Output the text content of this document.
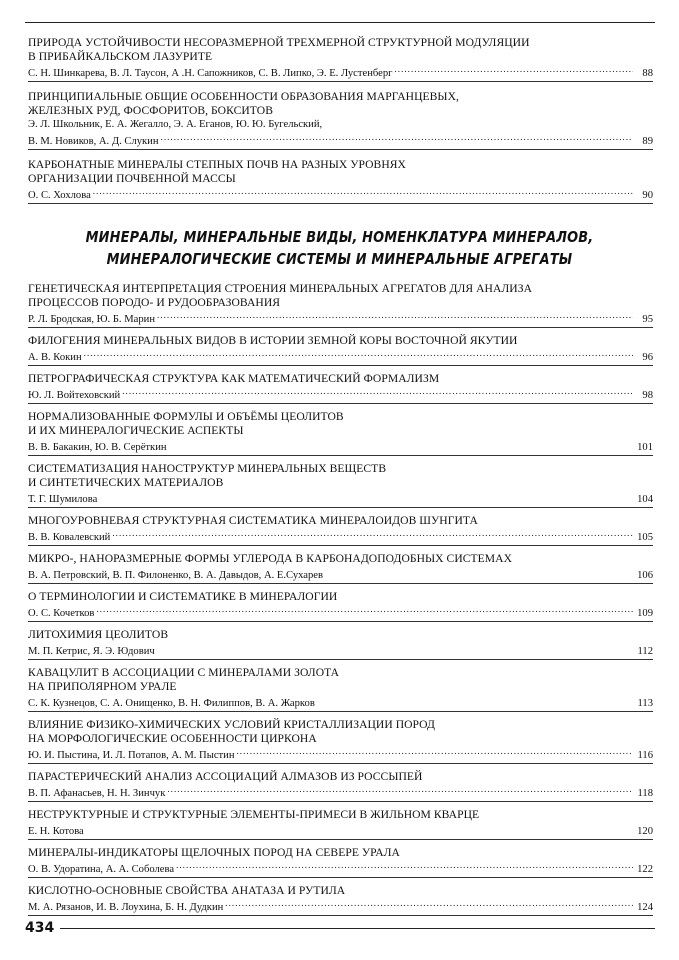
ПРИРОДА УСТОЙЧИВОСТИ НЕСОРАЗМЕРНОЙ ТРЕХМЕРНОЙ СТРУКТУРНОЙ МОДУЛЯЦИИ
В ПРИБАЙКАЛЬСКОМ ЛАЗУРИТЕ
С. Н. Шинкарева, В. Л. Таусон, А .Н. Сапожников, С. В. Липко, Э. Е. Лустенберг . . .	88
ПРИНЦИПИАЛЬНЫЕ ОБЩИЕ ОСОБЕННОСТИ ОБРАЗОВАНИЯ МАРГАНЦЕВЫХ,
ЖЕЛЕЗНЫХ РУД, ФОСФОРИТОВ, БОКСИТОВ
Э. Л. Школьник, Е. А. Жегалло, Э. А. Еганов, Ю. Ю. Бугельский,
В. М. Новиков, А. Д. Слукин . . .	89
КАРБОНАТНЫЕ МИНЕРАЛЫ СТЕПНЫХ ПОЧВ НА РАЗНЫХ УРОВНЯХ
ОРГАНИЗАЦИИ ПОЧВЕННОЙ МАССЫ
О. С. Хохлова . . .	90
МИНЕРАЛЫ, МИНЕРАЛЬНЫЕ ВИДЫ, НОМЕНКЛАТУРА МИНЕРАЛОВ,
МИНЕРАЛОГИЧЕСКИЕ СИСТЕМЫ И МИНЕРАЛЬНЫЕ АГРЕГАТЫ
ГЕНЕТИЧЕСКАЯ ИНТЕРПРЕТАЦИЯ СТРОЕНИЯ МИНЕРАЛЬНЫХ АГРЕГАТОВ ДЛЯ АНАЛИЗА
ПРОЦЕССОВ ПОРОДО- И РУДООБРАЗОВАНИЯ
Р. Л. Бродская, Ю. Б. Марин . . .	95
ФИЛОГЕНИЯ МИНЕРАЛЬНЫХ ВИДОВ В ИСТОРИИ ЗЕМНОЙ КОРЫ ВОСТОЧНОЙ ЯКУТИИ
А. В. Кокин . . .	96
ПЕТРОГРАФИЧЕСКАЯ СТРУКТУРА КАК МАТЕМАТИЧЕСКИЙ ФОРМАЛИЗМ
Ю. Л. Войтеховский . . .	98
НОРМАЛИЗОВАННЫЕ ФОРМУЛЫ И ОБЪЁМЫ ЦЕОЛИТОВ
И ИХ МИНЕРАЛОГИЧЕСКИЕ АСПЕКТЫ
В. В. Бакакин, Ю. В. Серёткин	101
СИСТЕМАТИЗАЦИЯ НАНОСТРУКТУР МИНЕРАЛЬНЫХ ВЕЩЕСТВ
И СИНТЕТИЧЕСКИХ МАТЕРИАЛОВ
Т. Г. Шумилова	104
МНОГОУРОВНЕВАЯ СТРУКТУРНАЯ СИСТЕМАТИКА МИНЕРАЛОИДОВ ШУНГИТА
В. В. Ковалевский . . .	105
МИКРО-, НАНОРАЗМЕРНЫЕ ФОРМЫ УГЛЕРОДА В КАРБОНАДОПОДОБНЫХ СИСТЕМАХ
В. А. Петровский, В. П. Филоненко, В. А. Давыдов, А. Е.Сухарев	106
О ТЕРМИНОЛОГИИ И СИСТЕМАТИКЕ В МИНЕРАЛОГИИ
О. С. Кочетков . . .	109
ЛИТОХИМИЯ ЦЕОЛИТОВ
М. П. Кетрис, Я. Э. Юдович	112
КАВАЦУЛИТ В АССОЦИАЦИИ С МИНЕРАЛАМИ ЗОЛОТА
НА ПРИПОЛЯРНОМ УРАЛЕ
С. К. Кузнецов, С. А. Онищенко, В. Н. Филиппов, В. А. Жарков	113
ВЛИЯНИЕ ФИЗИКО-ХИМИЧЕСКИХ УСЛОВИЙ КРИСТАЛЛИЗАЦИИ ПОРОД
НА МОРФОЛОГИЧЕСКИЕ ОСОБЕННОСТИ ЦИРКОНА
Ю. И. Пыстина, И. Л. Потапов, А. М. Пыстин . . .	116
ПАРАСТЕРИЧЕСКИЙ АНАЛИЗ АССОЦИАЦИЙ АЛМАЗОВ ИЗ РОССЫПЕЙ
В. П. Афанасьев, Н. Н. Зинчук . . .	118
НЕСТРУКТУРНЫЕ И СТРУКТУРНЫЕ ЭЛЕМЕНТЫ-ПРИМЕСИ В ЖИЛЬНОМ КВАРЦЕ
Е. Н. Котова	120
МИНЕРАЛЫ-ИНДИКАТОРЫ ЩЕЛОЧНЫХ ПОРОД НА СЕВЕРЕ УРАЛА
О. В. Удоратина, А. А. Соболева . . .	122
КИСЛОТНО-ОСНОВНЫЕ СВОЙСТВА АНАТАЗА И РУТИЛА
М. А. Рязанов, И. В. Лоухина, Б. Н. Дудкин . . .	124
434
